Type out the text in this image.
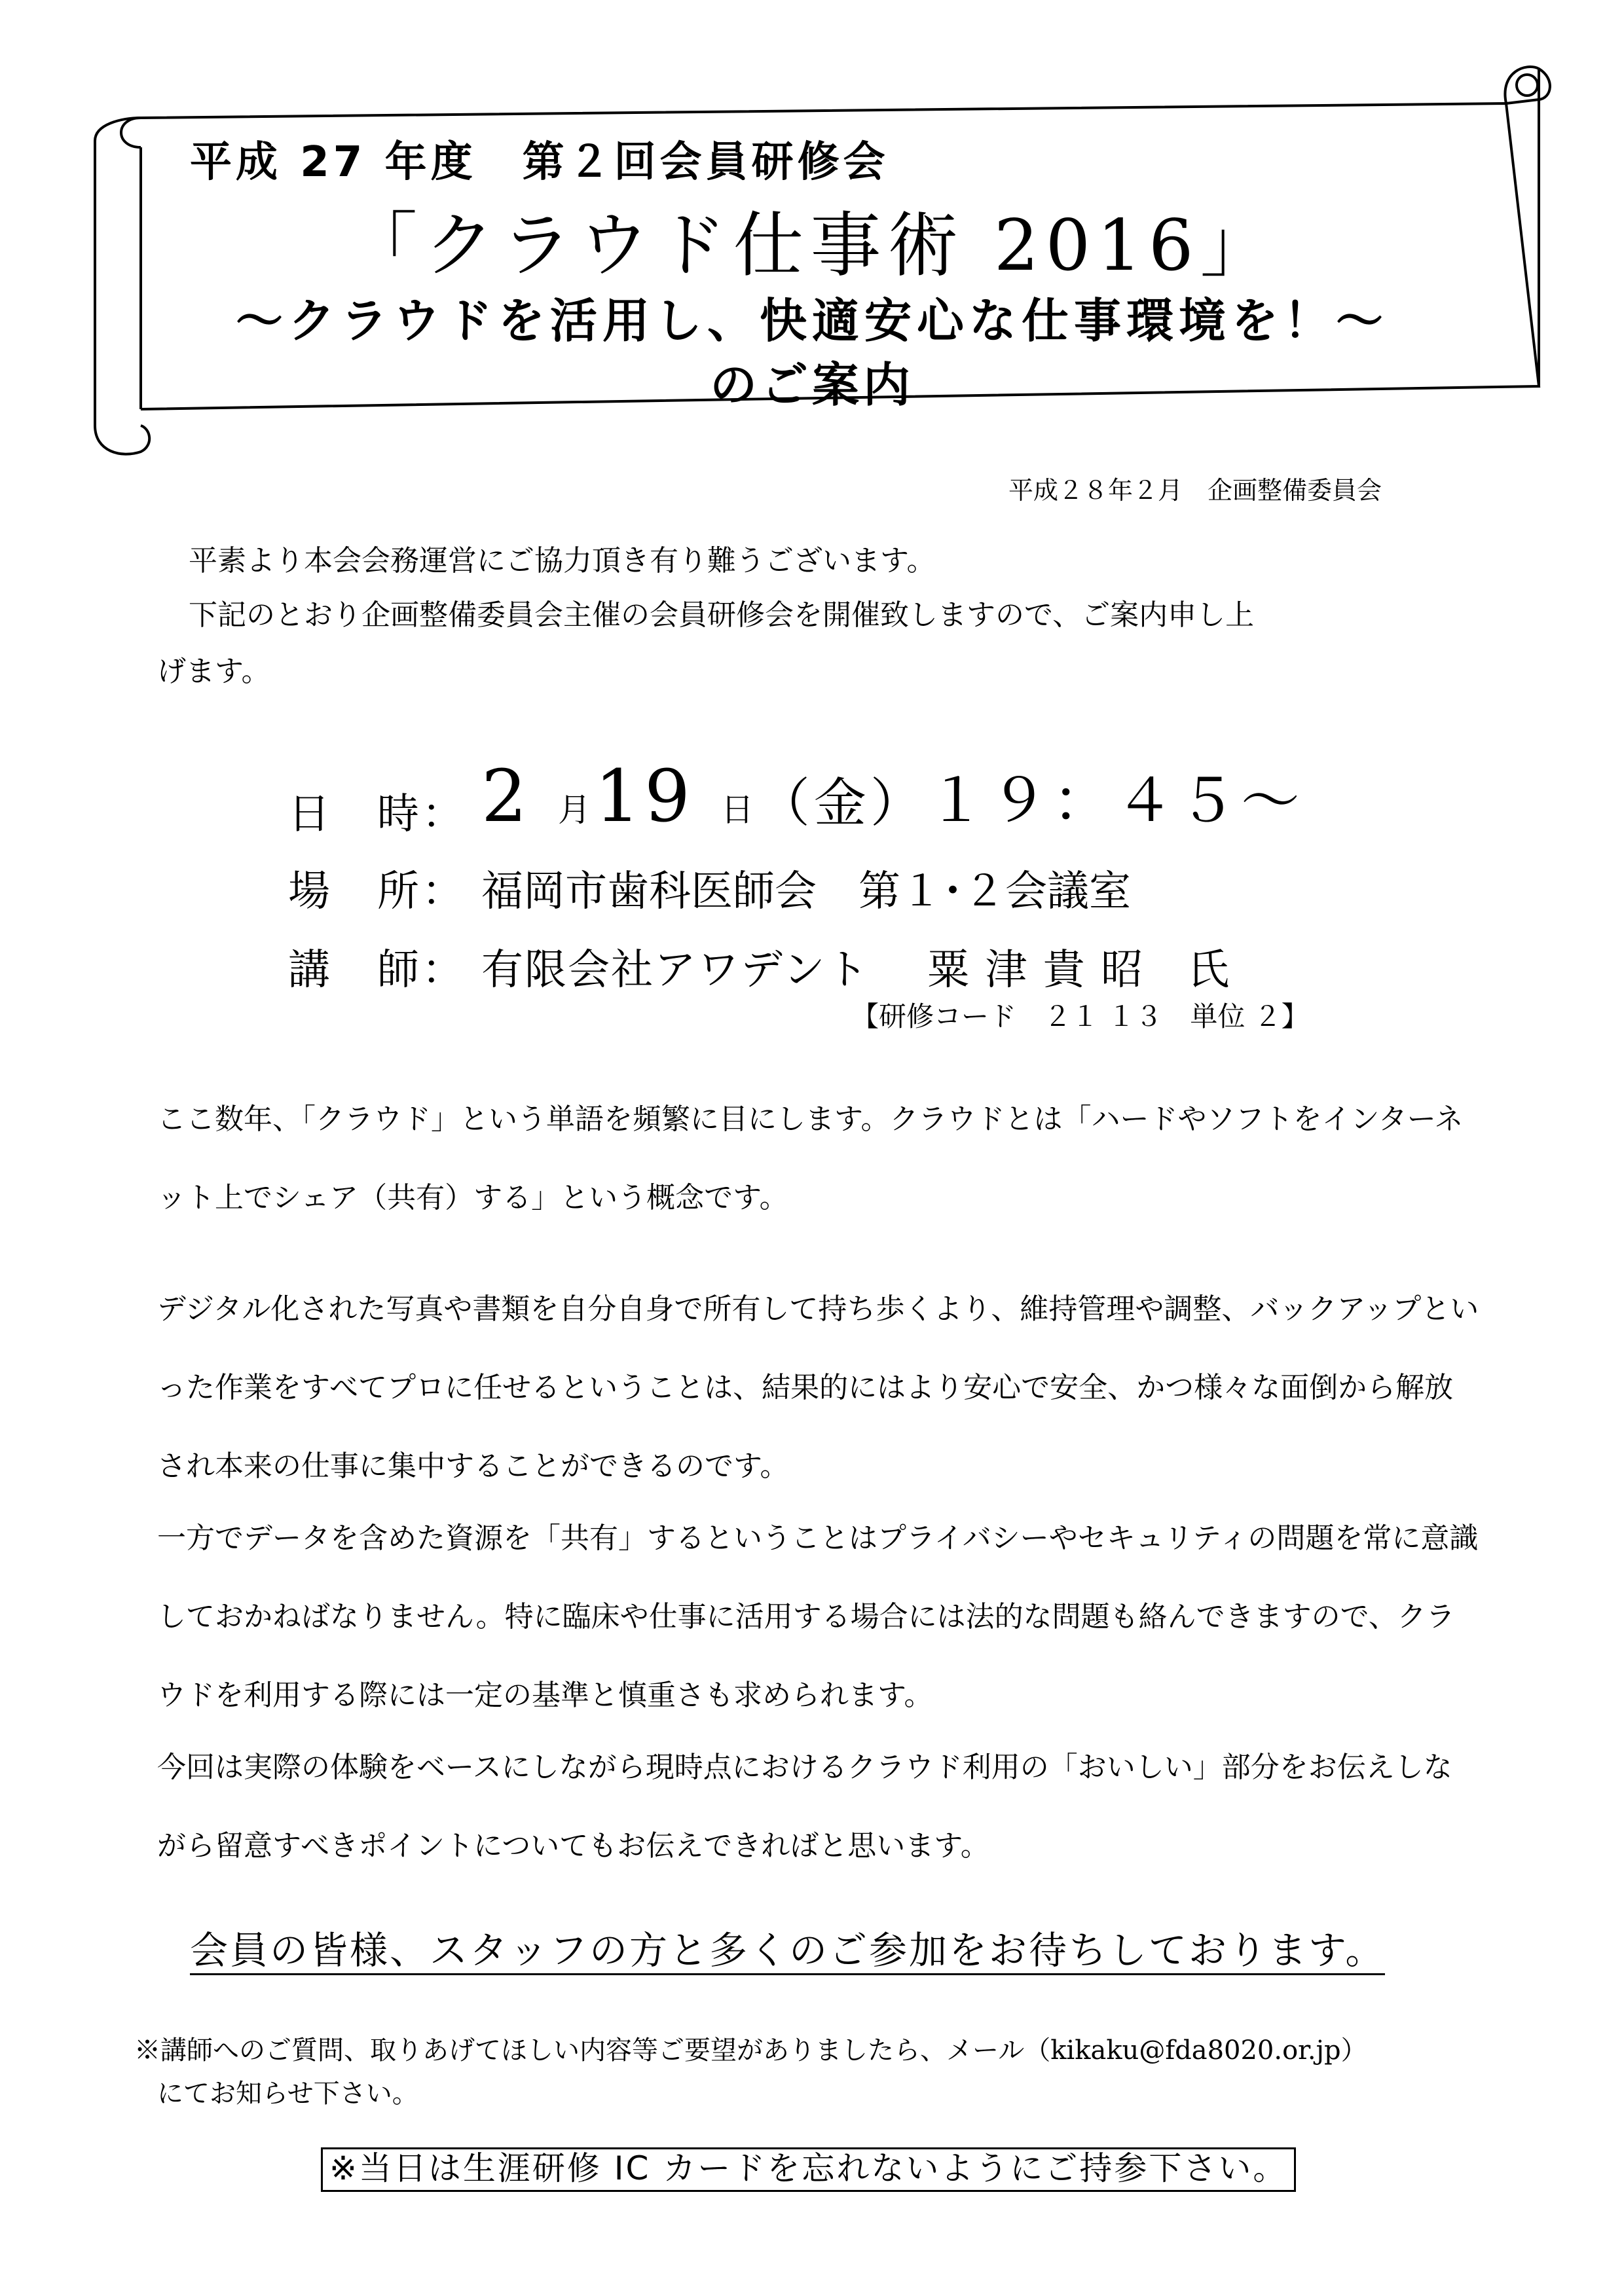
平成 27 年度　第２回会員研修会
「クラウド仕事術 2016」
～クラウドを活用し、快適安心な仕事環境を！～
のご案内
平成２８年２月　企画整備委員会
平素より本会会務運営にご協力頂き有り難うございます。
下記のとおり企画整備委員会主催の会員研修会を開催致しますので、ご案内申し上
げます。
日　時： 2 月19 日（金）１９：４５～
場　所： 福岡市歯科医師会　第１･２会議室
講　師： 有限会社アワデント　 粟 津 貴 昭　氏
【研修コード　２１ １３　単位 ２】

ここ数年、「クラウド」という単語を頻繁に目にします。クラウドとは「ハードやソフトをインターネット上でシェア（共有）する」という概念です。

デジタル化された写真や書類を自分自身で所有して持ち歩くより、維持管理や調整、バックアップといった作業をすべてプロに任せるということは、結果的にはより安心で安全、かつ様々な面倒から解放され本来の仕事に集中することができるのです。

一方でデータを含めた資源を「共有」するということはプライバシーやセキュリティの問題を常に意識しておかねばなりません。特に臨床や仕事に活用する場合には法的な問題も絡んできますので、クラウドを利用する際には一定の基準と慎重さも求められます。

今回は実際の体験をベースにしながら現時点におけるクラウド利用の「おいしい」部分をお伝えしながら留意すべきポイントについてもお伝えできればと思います。

会員の皆様、スタッフの方と多くのご参加をお待ちしております。
※講師へのご質問、取りあげてほしい内容等ご要望がありましたら、メール（kikaku@fda8020.or.jp）
にてお知らせ下さい。
※当日は生涯研修 IC カードを忘れないようにご持参下さい。
